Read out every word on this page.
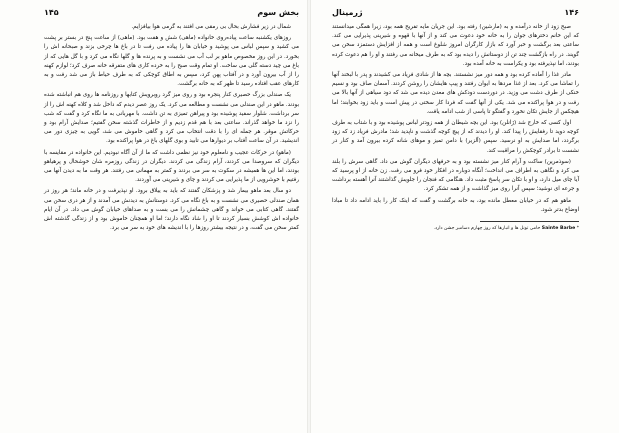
بخش سوم
۱۴۵

شمال در زیر فشارش بحال بی رمقی می افتند به گرمی هوا بیافزایم.

روزهای یکشنبه ساعت پیاده‌روی خانواده (ماهی) شش و هفت بود. (ماهی) از ساعت پنج در بستر بر پشت می کشید و سپس لباس می پوشید و خیابان ها را پیاده می رفت تا در باغ ها چرخی بزند و صبحانه اش را بخورد. در این روز مخصوص ماهو بر لب آب می نشست و به پرنده ها و گلها نگاه می کرد و با گل هایی که از باغ می چید دسته گلی می ساخت. او تمام وقت صبح را به خرده کاری های متفرقه خانه صرف کرد؛ لوازم کهنه را از آب بیرون آورد و در آفتاب پهن کرد، سپس به اطاق کوچکی که به طرف حیاط باز می شد رفت و به کارهای عقب افتاده رسید تا ظهر که به خانه برگشت.

یک صندلی بزرگ حصیری کنار پنجره بود و روی میز گرد روبرویش کتابها و روزنامه ها روی هم انباشته شده بودند. ماهو در این صندلی می نشست و مطالعه می کرد. یک روز عصر دیدم که داخل شد و کلاه کهنه اش را از سر برداشت. شلوار سفید پوشیده بود و پیراهن تمیزی به تن داشت. با مهربانی به ما نگاه کرد و گفت که شب را نزد ما خواهد گذراند. ساعتی بعد با هم قدم زدیم و از خاطرات گذشته سخن گفتیم؛ صدایش آرام بود و حرکاتش موقر. هر جمله ای را با دقت انتخاب می کرد و گاهی خاموش می شد، گویی به چیزی دور می اندیشید. در آن ساعت آفتاب بر دیوارها می تابید و بوی گلهای باغ در هوا پراکنده بود.

(ماهو) در حرکات عجیب و نامعلوم خود نیز نظمی داشت که ما از آن آگاه نبودیم. این خانواده در مقایسه با دیگران که سروصدا می کردند، آرام زندگی می کردند. دیگران در زندگی روزمره شان خوشحال و پرهیاهو بودند، اما این ها همیشه در سکوت به سر می بردند و کمتر به مهمانی می رفتند. هر وقت ما به دیدن آنها می رفتیم با خوشرویی از ما پذیرایی می کردند و چای و شیرینی می آوردند.

دو سال بعد ماهو بیمار شد و پزشکان گفتند که باید به ییلاق برود. او نپذیرفت و در خانه ماند؛ هر روز در همان صندلی حصیری می نشست و به باغ نگاه می کرد. دوستانش به دیدنش می آمدند و از هر دری سخن می گفتند. گاهی کتابی می خواند و گاهی چشمانش را می بست و به صداهای خیابان گوش می داد. در آن ایام خانواده اش کوشش بسیار کردند تا او را شاد نگاه دارند؛ اما او همچنان خاموش بود و از زندگی گذشته اش کمتر سخن می گفت، و در نتیجه بیشتر روزها را با اندیشه های خود به سر می برد.

۱۴۶
ژرمینال

صبح زود از خانه درآمده و به (مارشین) رفته بود. این جریان مایه تفریح همه بود، زیرا همگی میدانستند که این خانم دخترهای جوان را به خانه خود دعوت می کند و از آنها با قهوه و شیرینی پذیرایی می کند. ساعتی بعد برگشت و خبر آورد که بازار کارگران امروز شلوغ است و همه از افزایش دستمزد سخن می گویند. در راه بازگشت چند تن از دوستانش را دیده بود که به طرف میخانه می رفتند و او را هم دعوت کرده بودند، اما نپذیرفته بود و یکراست به خانه آمده بود.

مادر غذا را آماده کرده بود و همه دور میز نشستند. بچه ها از شادی فریاد می کشیدند و پدر با لبخند آنها را تماشا می کرد. بعد از غذا مردها به ایوان رفتند و پیپ هایشان را روشن کردند. آسمان صاف بود و نسیم خنکی از طرف دشت می وزید. در دوردست دودکش های معدن دیده می شد که دود سیاهی از آنها بالا می رفت و در هوا پراکنده می شد. یکی از آنها گفت که فردا کار سختی در پیش است و باید زود بخوابند؛ اما هیچکس از جایش تکان نخورد و گفتگو تا پاسی از شب ادامه یافت.

اول کسی که خارج شد (ژانلن) بود. این بچه شیطان از همه زودتر لباس پوشیده بود و با شتاب به طرف کوچه دوید تا رفقایش را پیدا کند. او را دیدند که از پیچ کوچه گذشت و ناپدید شد؛ مادرش فریاد زد که زود برگردد، اما صدایش به او نرسید. سپس (آلزیر) با دامن تمیز و موهای شانه کرده بیرون آمد و کنار در نشست تا برادر کوچکش را مراقبت کند.

(سوذمرین) ساکت و آرام کنار میز نشسته بود و به حرفهای دیگران گوش می داد. گاهی سرش را بلند می کرد و نگاهی به اطراف می انداخت؛ آنگاه دوباره در افکار خود فرو می رفت. زن خانه از او پرسید که آیا چای میل دارد، و او با تکان سر پاسخ مثبت داد. هنگامی که فنجان را جلویش گذاشتند آنرا آهسته برداشت و جرعه ای نوشید؛ سپس آنرا روی میز گذاشت و از همه تشکر کرد.

ماهو هم که در خیابان معطل مانده بود، به خانه برگشت و گفت که اینک کار را باید ادامه داد تا مبادا اوضاع بدتر شود.

* Sainte Barbe حامی تونل ها و انبارها که روز چهارم دسامبر جشن دارد.
